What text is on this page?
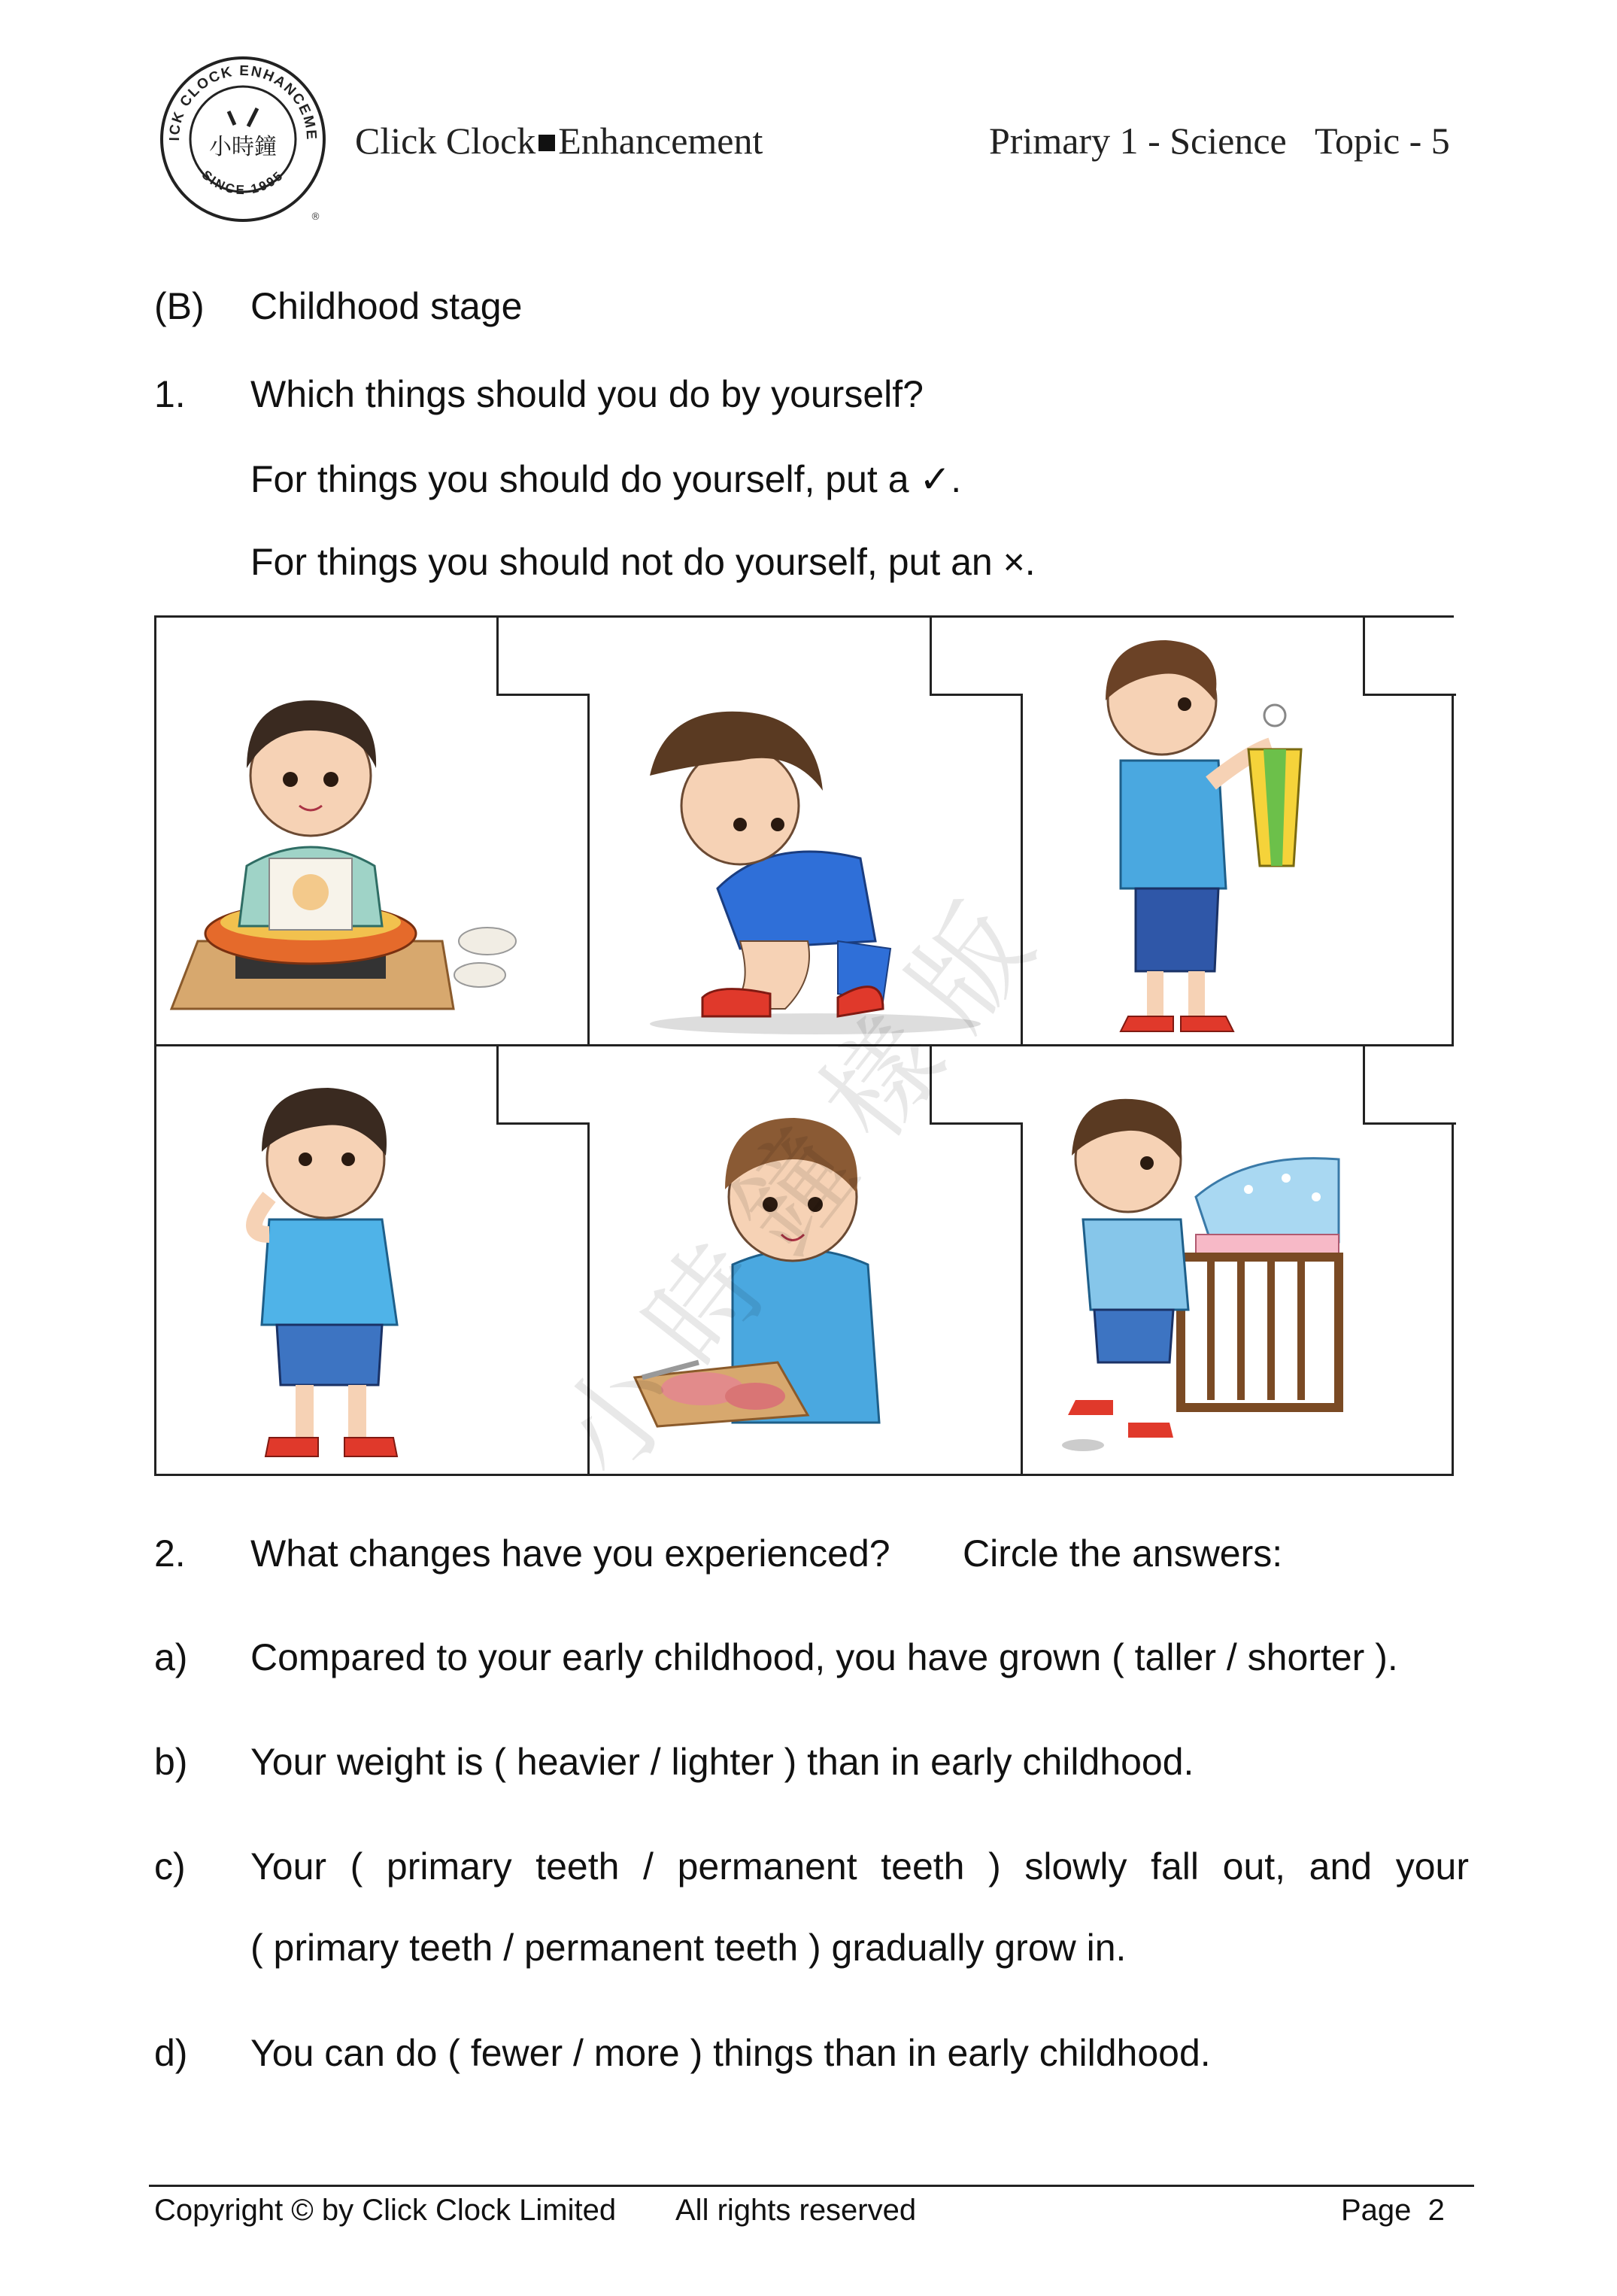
ICK CLOCK ENHANCEME
SINCE 1995
小時鐘
®
Click Clock Enhancement	Primary 1 - Science Topic - 5
(B) Childhood stage
1. Which things should you do by yourself?
For things you should do yourself, put a ✓.
For things you should not do yourself, put an ×.
2. What changes have you experienced? Circle the answers:
a) Compared to your early childhood, you have grown ( taller / shorter ).
b) Your weight is ( heavier / lighter ) than in early childhood.
c) Your ( primary teeth / permanent teeth ) slowly fall out, and your
( primary teeth / permanent teeth ) gradually grow in.
d) You can do ( fewer / more ) things than in early childhood.
Copyright © by Click Clock Limited All rights reserved	Page 2
